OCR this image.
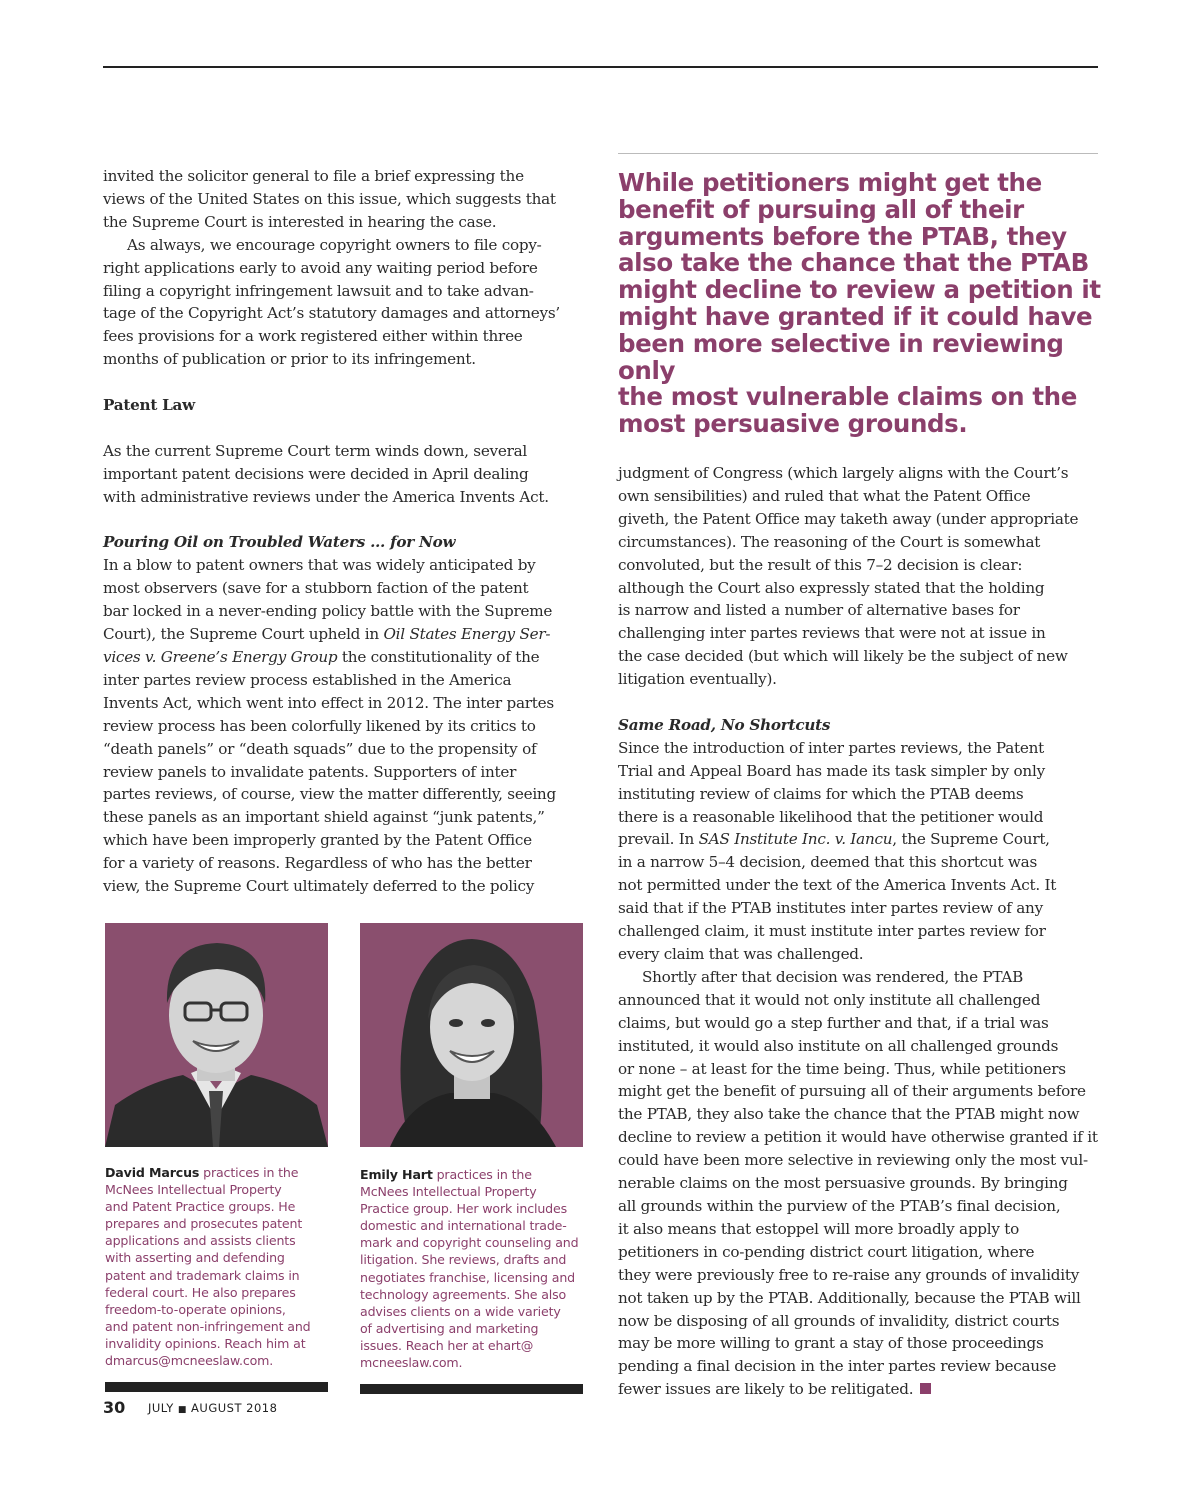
invited the solicitor general to file a brief expressing the

views of the United States on this issue, which suggests that

the Supreme Court is interested in hearing the case.

As always, we encourage copyright owners to file copy-

right applications early to avoid any waiting period before

filing a copyright infringement lawsuit and to take advan-

tage of the Copyright Act’s statutory damages and attorneys’

fees provisions for a work registered either within three

months of publication or prior to its infringement.

Patent Law

As the current Supreme Court term winds down, several

important patent decisions were decided in April dealing

with administrative reviews under the America Invents Act.

Pouring Oil on Troubled Waters … for Now

In a blow to patent owners that was widely anticipated by

most observers (save for a stubborn faction of the patent

bar locked in a never-ending policy battle with the Supreme

Court), the Supreme Court upheld in Oil States Energy Ser-

vices v. Greene’s Energy Group the constitutionality of the

inter partes review process established in the America

Invents Act, which went into effect in 2012. The inter partes

review process has been colorfully likened by its critics to

“death panels” or “death squads” due to the propensity of

review panels to invalidate patents. Supporters of inter

partes reviews, of course, view the matter differently, seeing

these panels as an important shield against “junk patents,”

which have been improperly granted by the Patent Office

for a variety of reasons. Regardless of who has the better

view, the Supreme Court ultimately deferred to the policy

While petitioners might get the
benefit of pursuing all of their
arguments before the PTAB, they
also take the chance that the PTAB
might decline to review a petition it
might have granted if it could have
been more selective in reviewing only
the most vulnerable claims on the
most persuasive grounds.

judgment of Congress (which largely aligns with the Court’s

own sensibilities) and ruled that what the Patent Office

giveth, the Patent Office may taketh away (under appropriate

circumstances). The reasoning of the Court is somewhat

convoluted, but the result of this 7–2 decision is clear:

although the Court also expressly stated that the holding

is narrow and listed a number of alternative bases for

challenging inter partes reviews that were not at issue in

the case decided (but which will likely be the subject of new

litigation eventually).

Same Road, No Shortcuts

Since the introduction of inter partes reviews, the Patent

Trial and Appeal Board has made its task simpler by only

instituting review of claims for which the PTAB deems

there is a reasonable likelihood that the petitioner would

prevail. In SAS Institute Inc. v. Iancu, the Supreme Court,

in a narrow 5–4 decision, deemed that this shortcut was

not permitted under the text of the America Invents Act. It

said that if the PTAB institutes inter partes review of any

challenged claim, it must institute inter partes review for

every claim that was challenged.

Shortly after that decision was rendered, the PTAB

announced that it would not only institute all challenged

claims, but would go a step further and that, if a trial was

instituted, it would also institute on all challenged grounds

or none – at least for the time being. Thus, while petitioners

might get the benefit of pursuing all of their arguments before

the PTAB, they also take the chance that the PTAB might now

decline to review a petition it would have otherwise granted if it

could have been more selective in reviewing only the most vul-

nerable claims on the most persuasive grounds. By bringing

all grounds within the purview of the PTAB’s final decision,

it also means that estoppel will more broadly apply to

petitioners in co-pending district court litigation, where

they were previously free to re-raise any grounds of invalidity

not taken up by the PTAB. Additionally, because the PTAB will

now be disposing of all grounds of invalidity, district courts

may be more willing to grant a stay of those proceedings

pending a final decision in the inter partes review because

fewer issues are likely to be relitigated.

David Marcus practices in the
McNees Intellectual Property
and Patent Practice groups. He
prepares and prosecutes patent
applications and assists clients
with asserting and defending
patent and trademark claims in
federal court. He also prepares
freedom-to-operate opinions,
and patent non-infringement and
invalidity opinions. Reach him at
dmarcus@mcneeslaw.com.
Emily Hart practices in the
McNees Intellectual Property
Practice group. Her work includes
domestic and international trade-
mark and copyright counseling and
litigation. She reviews, drafts and
negotiates franchise, licensing and
technology agreements. She also
advises clients on a wide variety
of advertising and marketing
issues. Reach her at ehart@
mcneeslaw.com.
30 JULY ■ AUGUST 2018
